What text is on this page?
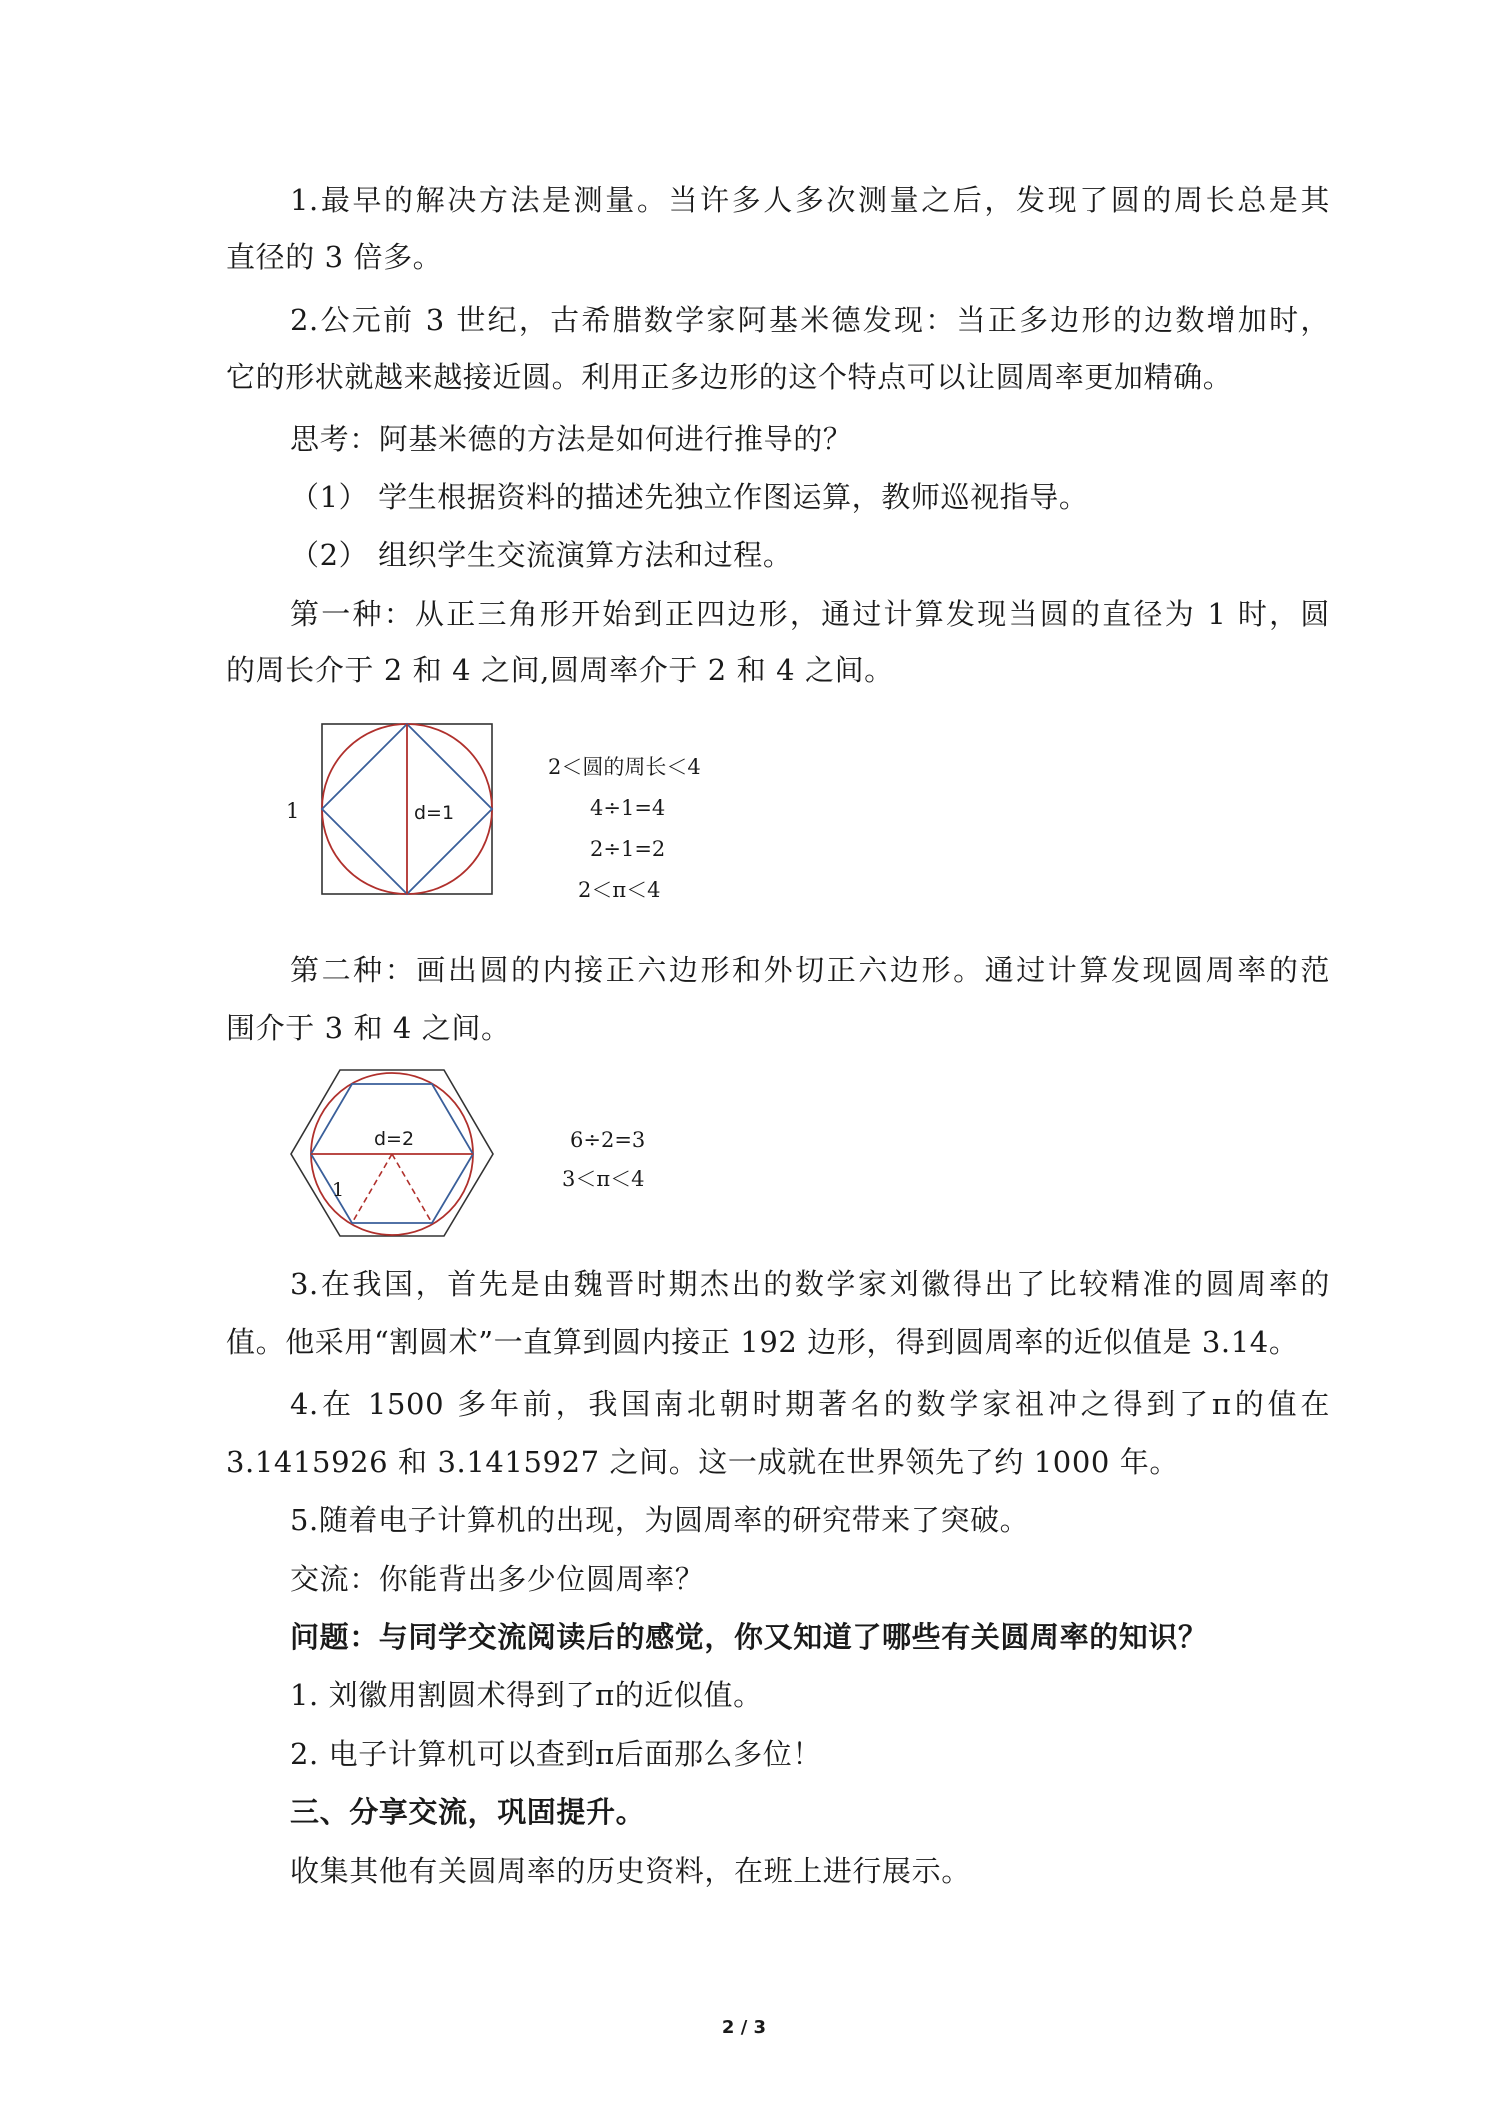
1.最早的解决方法是测量。当许多人多次测量之后，发现了圆的周长总是其
直径的 3 倍多。
2.公元前 3 世纪，古希腊数学家阿基米德发现：当正多边形的边数增加时，
它的形状就越来越接近圆。利用正多边形的这个特点可以让圆周率更加精确。
思考：阿基米德的方法是如何进行推导的？
（1） 学生根据资料的描述先独立作图运算，教师巡视指导。
（2） 组织学生交流演算方法和过程。
第一种：从正三角形开始到正四边形，通过计算发现当圆的直径为 1 时，圆
的周长介于 2 和 4 之间,圆周率介于 2 和 4 之间。
1	d=1
2＜圆的周长＜4
4÷1=4
2÷1=2
2＜π＜4
第二种：画出圆的内接正六边形和外切正六边形。通过计算发现圆周率的范
围介于 3 和 4 之间。
d=2
1
6÷2=3
3＜π＜4
3.在我国，首先是由魏晋时期杰出的数学家刘徽得出了比较精准的圆周率的
值。他采用“割圆术”一直算到圆内接正 192 边形，得到圆周率的近似值是 3.14。
4.在 1500 多年前，我国南北朝时期著名的数学家祖冲之得到了π的值在
3.1415926 和 3.1415927 之间。这一成就在世界领先了约 1000 年。
5.随着电子计算机的出现，为圆周率的研究带来了突破。
交流：你能背出多少位圆周率？
问题：与同学交流阅读后的感觉，你又知道了哪些有关圆周率的知识？
1. 刘徽用割圆术得到了π的近似值。
2. 电子计算机可以查到π后面那么多位！
三、分享交流，巩固提升。
收集其他有关圆周率的历史资料，在班上进行展示。
2 / 3
